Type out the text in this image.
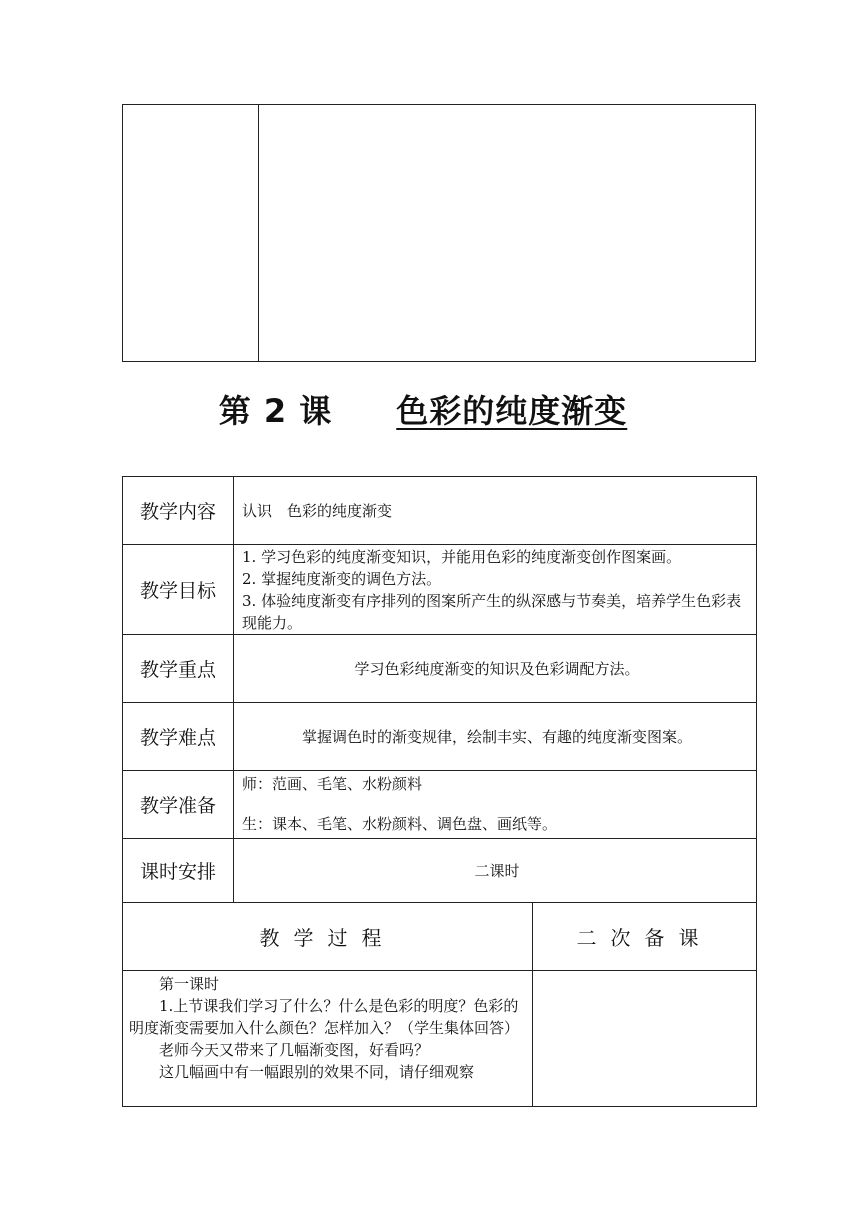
第 2 课 色彩的纯度渐变
教学内容	认识　色彩的纯度渐变	
教学目标	1. 学习色彩的纯度渐变知识，并能用色彩的纯度渐变创作图案画。

2. 掌握纯度渐变的调色方法。

3. 体验纯度渐变有序排列的图案所产生的纵深感与节奏美，培养学生色彩表现能力。	

教学重点	学习色彩纯度渐变的知识及色彩调配方法。	
教学难点	掌握调色时的渐变规律，绘制丰实、有趣的纯度渐变图案。	
教学准备	师：范画、毛笔、水粉颜料

生：课本、毛笔、水粉颜料、调色盘、画纸等。	

课时安排	二课时	
教学过程		二次备课

第一课时

1.上节课我们学习了什么？什么是色彩的明度？色彩的明度渐变需要加入什么颜色？怎样加入？（学生集体回答）

老师今天又带来了几幅渐变图，好看吗？

这几幅画中有一幅跟别的效果不同，请仔细观察		
